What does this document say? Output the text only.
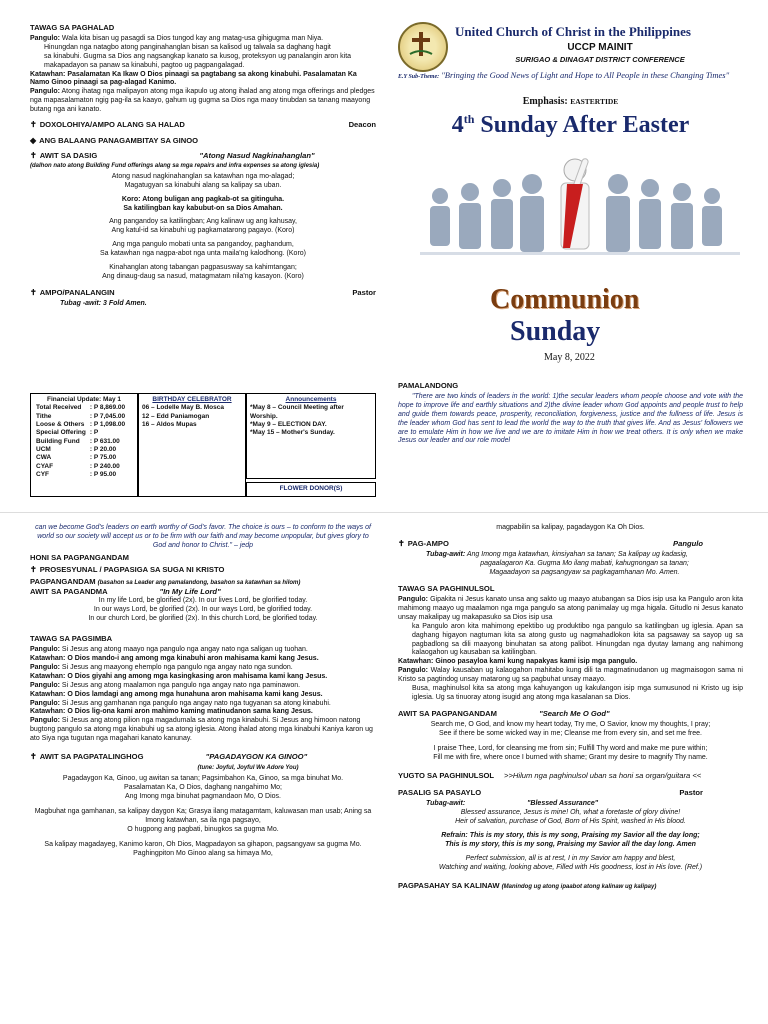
TAWAG SA PAGHALAD

Pangulo: Wala kita bisan ug pasagdi sa Dios tungod kay ang matag-usa gihigugma man Niya.

Hinungdan nga natagbo atong panginahanglan bisan sa kalisod ug talwala sa daghang hagit

sa kinabuhi. Gugma sa Dios ang nagsangkap kanato sa kusog, proteksyon ug panalangin aron kita makapadayon sa panaw sa kinabuhi, pagtoo ug pagpangalagad.

Katawhan: Pasalamatan Ka Ikaw O Dios pinaagi sa pagtabang sa akong kinabuhi. Pasalamatan Ka Namo Ginoo pinaagi sa pag-alagad Kanimo.

Pangulo: Atong ihatag nga malipayon atong mga ikapulo ug atong ihalad ang atong mga offerings and pledges nga mapasalamaton ngig pag-ila sa kaayo, gahum ug gugma sa Dios nga maoy tinubdan sa tanang maayong butang nga ani kanato.

✝ DOXOLOHIYA/AMPO ALANG SA HALAD	Deacon
◆ ANG BALAANG PANAGAMBITAY SA GINOO
✝ AWIT SA DASIG	"Atong Nasud Nagkinahanglan"

(dalhon nato atong Building Fund offerings alang sa mga repairs and infra expenses sa atong iglesia)

Atong nasud nagkinahanglan sa katawhan nga mo-alagad;

Magatugyan sa kinabuhi alang sa kalipay sa uban.

Koro: Atong buligan ang pagkab-ot sa gitinguha.

Sa katilingban kay kabubut-on sa Dios Amahan.

Ang pangandoy sa katilingban; Ang kalinaw ug ang kahusay,

Ang katul-id sa kinabuhi ug pagkamatarong pagayo. (Koro)

Ang mga pangulo mobati unta sa pangandoy, paghandum,

Sa katawhan nga nagpa-abot nga unta maila'ng kalodhong. (Koro)

Kinahanglan atong tabangan pagpasusway sa kahimtangan;

Ang dinaug-daug sa nasud, matagmatam nila'ng kasayon. (Koro)

✝ AMPO/PANALANGIN	Pastor

Tubag -awit: 3 Fold Amen.

Financial Update: May 1
Total Received	: P 8,869.00
Tithe	: P 7,045.00
Loose & Others	: P 1,098.00
Special Offering	: P
Building Fund	: P 631.00
UCM	: P 20.00
CWA	: P 75.00
CYAF	: P 240.00
CYF	: P 95.00
BIRTHDAY CELEBRATOR

06 – Lodelle May B. Mosca

12 – Edd Paniamogan

16 – Aldos Mupas

Announcements

*May 8 – Council Meeting after Worship.

*May 9 – ELECTION DAY.

*May 15 – Mother's Sunday.

FLOWER DONOR(S)
United Church of Christ in the Philippines
UCCP MAINIT
SURIGAO & DINAGAT DISTRICT CONFERENCE
E.Y Sub-Theme: "Bringing the Good News of Light and Hope to All People in these Changing Times"
Emphasis: EASTERTIDE
4th Sunday After Easter
Communion
Sunday
May 8, 2022
PAMALANDONG

"There are two kinds of leaders in the world: 1)the secular leaders whom people choose and vote with the hope to improve life and earthly situations and 2)the divine leader whom God appoints and people trust to help and guide them towards peace, prosperity, reconciliation, forgiveness, justice and the fullness of life. Jesus is the leader whom God has sent to lead the world the way to the truth that gives life. And as Jesus' followers we are to emulate Him in how we live and we are to imitate Him in how we treat others. It is only when we make Jesus our leader and our role model

can we become God's leaders on earth worthy of God's favor. The choice is ours – to conform to the ways of world so our society will accept us or to be firm with our faith and may become unpopular, but gives glory to God and honor to Christ." – jedp

HONI SA PAGPANGANDAM
✝ PROSESYUNAL / PAGPASIGA SA SUGA NI KRISTO
PAGPANGANDAM (basahon sa Leader ang pamalandong, basahon sa katawhan sa hilom)
AWIT SA PAGANDMA	"In My Life Lord"

In my life Lord, be glorified (2x). In our lives Lord, be glorified today.

In our ways Lord, be glorified (2x). In our ways Lord, be glorified today.

In our church Lord, be glorified (2x). In this church Lord, be glorified today.

TAWAG SA PAGSIMBA

Pangulo: Si Jesus ang atong maayo nga pangulo nga angay nato nga saligan ug tuohan.

Katawhan: O Dios mando-i ang among mga kinabuhi aron mahisama kami kang Jesus.

Pangulo: Si Jesus ang maayong ehemplo nga pangulo nga angay nato nga sundon.

Katawhan: O Dios giyahi ang among mga kasingkasing aron mahisama kami kang Jesus.

Pangulo: Si Jesus ang atong maalamon nga pangulo nga angay nato nga paminawon.

Katawhan: O Dios lamdagi ang among mga hunahuna aron mahisama kami kang Jesus.

Pangulo: Si Jesus ang gamhanan nga pangulo nga angay nato nga tugyanan sa atong kinabuhi.

Katawhan: O Dios lig-ona kami aron mahimo kaming matinudanon sama kang Jesus.

Pangulo: Si Jesus ang atong pilion nga magadumala sa atong mga kinabuhi. Si Jesus ang himoon natong bugtong pangulo sa atong mga kinabuhi ug sa atong iglesia. Atong ihalad atong mga kinabuhi Kaniya karon ug ato Siya nga tugutan nga magahari kanato kanunay.

✝ AWIT SA PAGPATALINGHOG	"PAGADAYGON KA GINOO"

(tune: Joyful, Joyful We Adore You)

Pagadaygon Ka, Ginoo, ug awitan sa tanan; Pagsimbahon Ka, Ginoo, sa mga binuhat Mo.

Pasalamatan Ka, O Dios, daghang nangahimo Mo;

Ang Imong mga binuhat pagmandaon Mo, O Dios.

Magbuhat nga gamhanan, sa kalipay daygon Ka; Grasya ilang matagamtam, kaluwasan man usab; Aning sa Imong katawhan, sa ila nga pagsayo,

O hugpong ang pagbati, binugkos sa gugma Mo.

Sa kalipay magadayeg, Kanimo karon, Oh Dios, Magpadayon sa gihapon, pagsangyaw sa gugma Mo. Paghingpiton Mo Ginoo alang sa himaya Mo,

magpabilin sa kalipay, pagadaygon Ka Oh Dios.

✝ PAG-AMPO	Pangulo

Tubag-awit: Ang Imong mga katawhan, kinsiyahan sa tanan; Sa kalipay ug kadasig,

pagaalagaron Ka. Gugma Mo ilang mabati, kahugnongan sa tanan;

Magaadayon sa pagsangyaw sa pagkagamhanan Mo. Amen.

TAWAG SA PAGHINULSOL

Pangulo: Gipakita ni Jesus kanato unsa ang sakto ug maayo atubangan sa Dios isip usa ka Pangulo aron kita mahimong maayo ug maalamon nga mga pangulo sa atong panimalay ug mga higala. Gitudlo ni Jesus kanato unsay makalipay ug makapasuko sa Dios isip usa

ka Pangulo aron kita mahimong epektibo ug produktibo nga pangulo sa katilingban ug iglesia. Apan sa daghang higayon nagtuman kita sa atong gusto ug nagmahadlokon kita sa pagsaway sa sayop ug sa pagbadlong sa dili maayong binuhatan sa atong palibot. Hinungdan nga dyutay lamang ang nahimong kalaogahon ug kausaban sa katilingban.

Katawhan: Ginoo pasayloa kami kung napakyas kami isip mga pangulo.

Pangulo: Walay kausaban ug kalaogahon mahitabo kung dili ta magmatinudanon ug magmaisogon sama ni Kristo sa pagtindog unsay matarong ug sa pagbuhat unsay maayo.

Busa, maghinulsol kita sa atong mga kahuyangon ug kakulangon isip mga sumusunod ni Kristo ug isip iglesia. Ug sa tinuoray atong isugid ang atong mga kasalanan sa Dios.

AWIT SA PAGPANGANDAM	"Search Me O God"

Search me, O God, and know my heart today, Try me, O Savior, know my thoughts, I pray;

See if there be some wicked way in me; Cleanse me from every sin, and set me free.

I praise Thee, Lord, for cleansing me from sin; Fulfill Thy word and make me pure within;

Fill me with fire, where once I burned with shame; Grant my desire to magnify Thy name.

YUGTO SA PAGHINULSOL >>Hilum nga paghinulsol uban sa honi sa organ/guitara <<
PASALIG SA PASAYLO	Pastor

Tubag-awit:	"Blessed Assurance"

Blessed assurance, Jesus is mine! Oh, what a foretaste of glory divine!

Heir of salvation, purchase of God, Born of His Spirit, washed in His blood.

Refrain: This is my story, this is my song, Praising my Savior all the day long;

This is my story, this is my song, Praising my Savior all the day long. Amen

Perfect submission, all is at rest, I in my Savior am happy and blest,

Watching and waiting, looking above, Filled with His goodness, lost in His love. (Ref.)

PAGPASAHAY SA KALINAW (Manindog ug atong ipaabot atong kalinaw ug kalipay)
